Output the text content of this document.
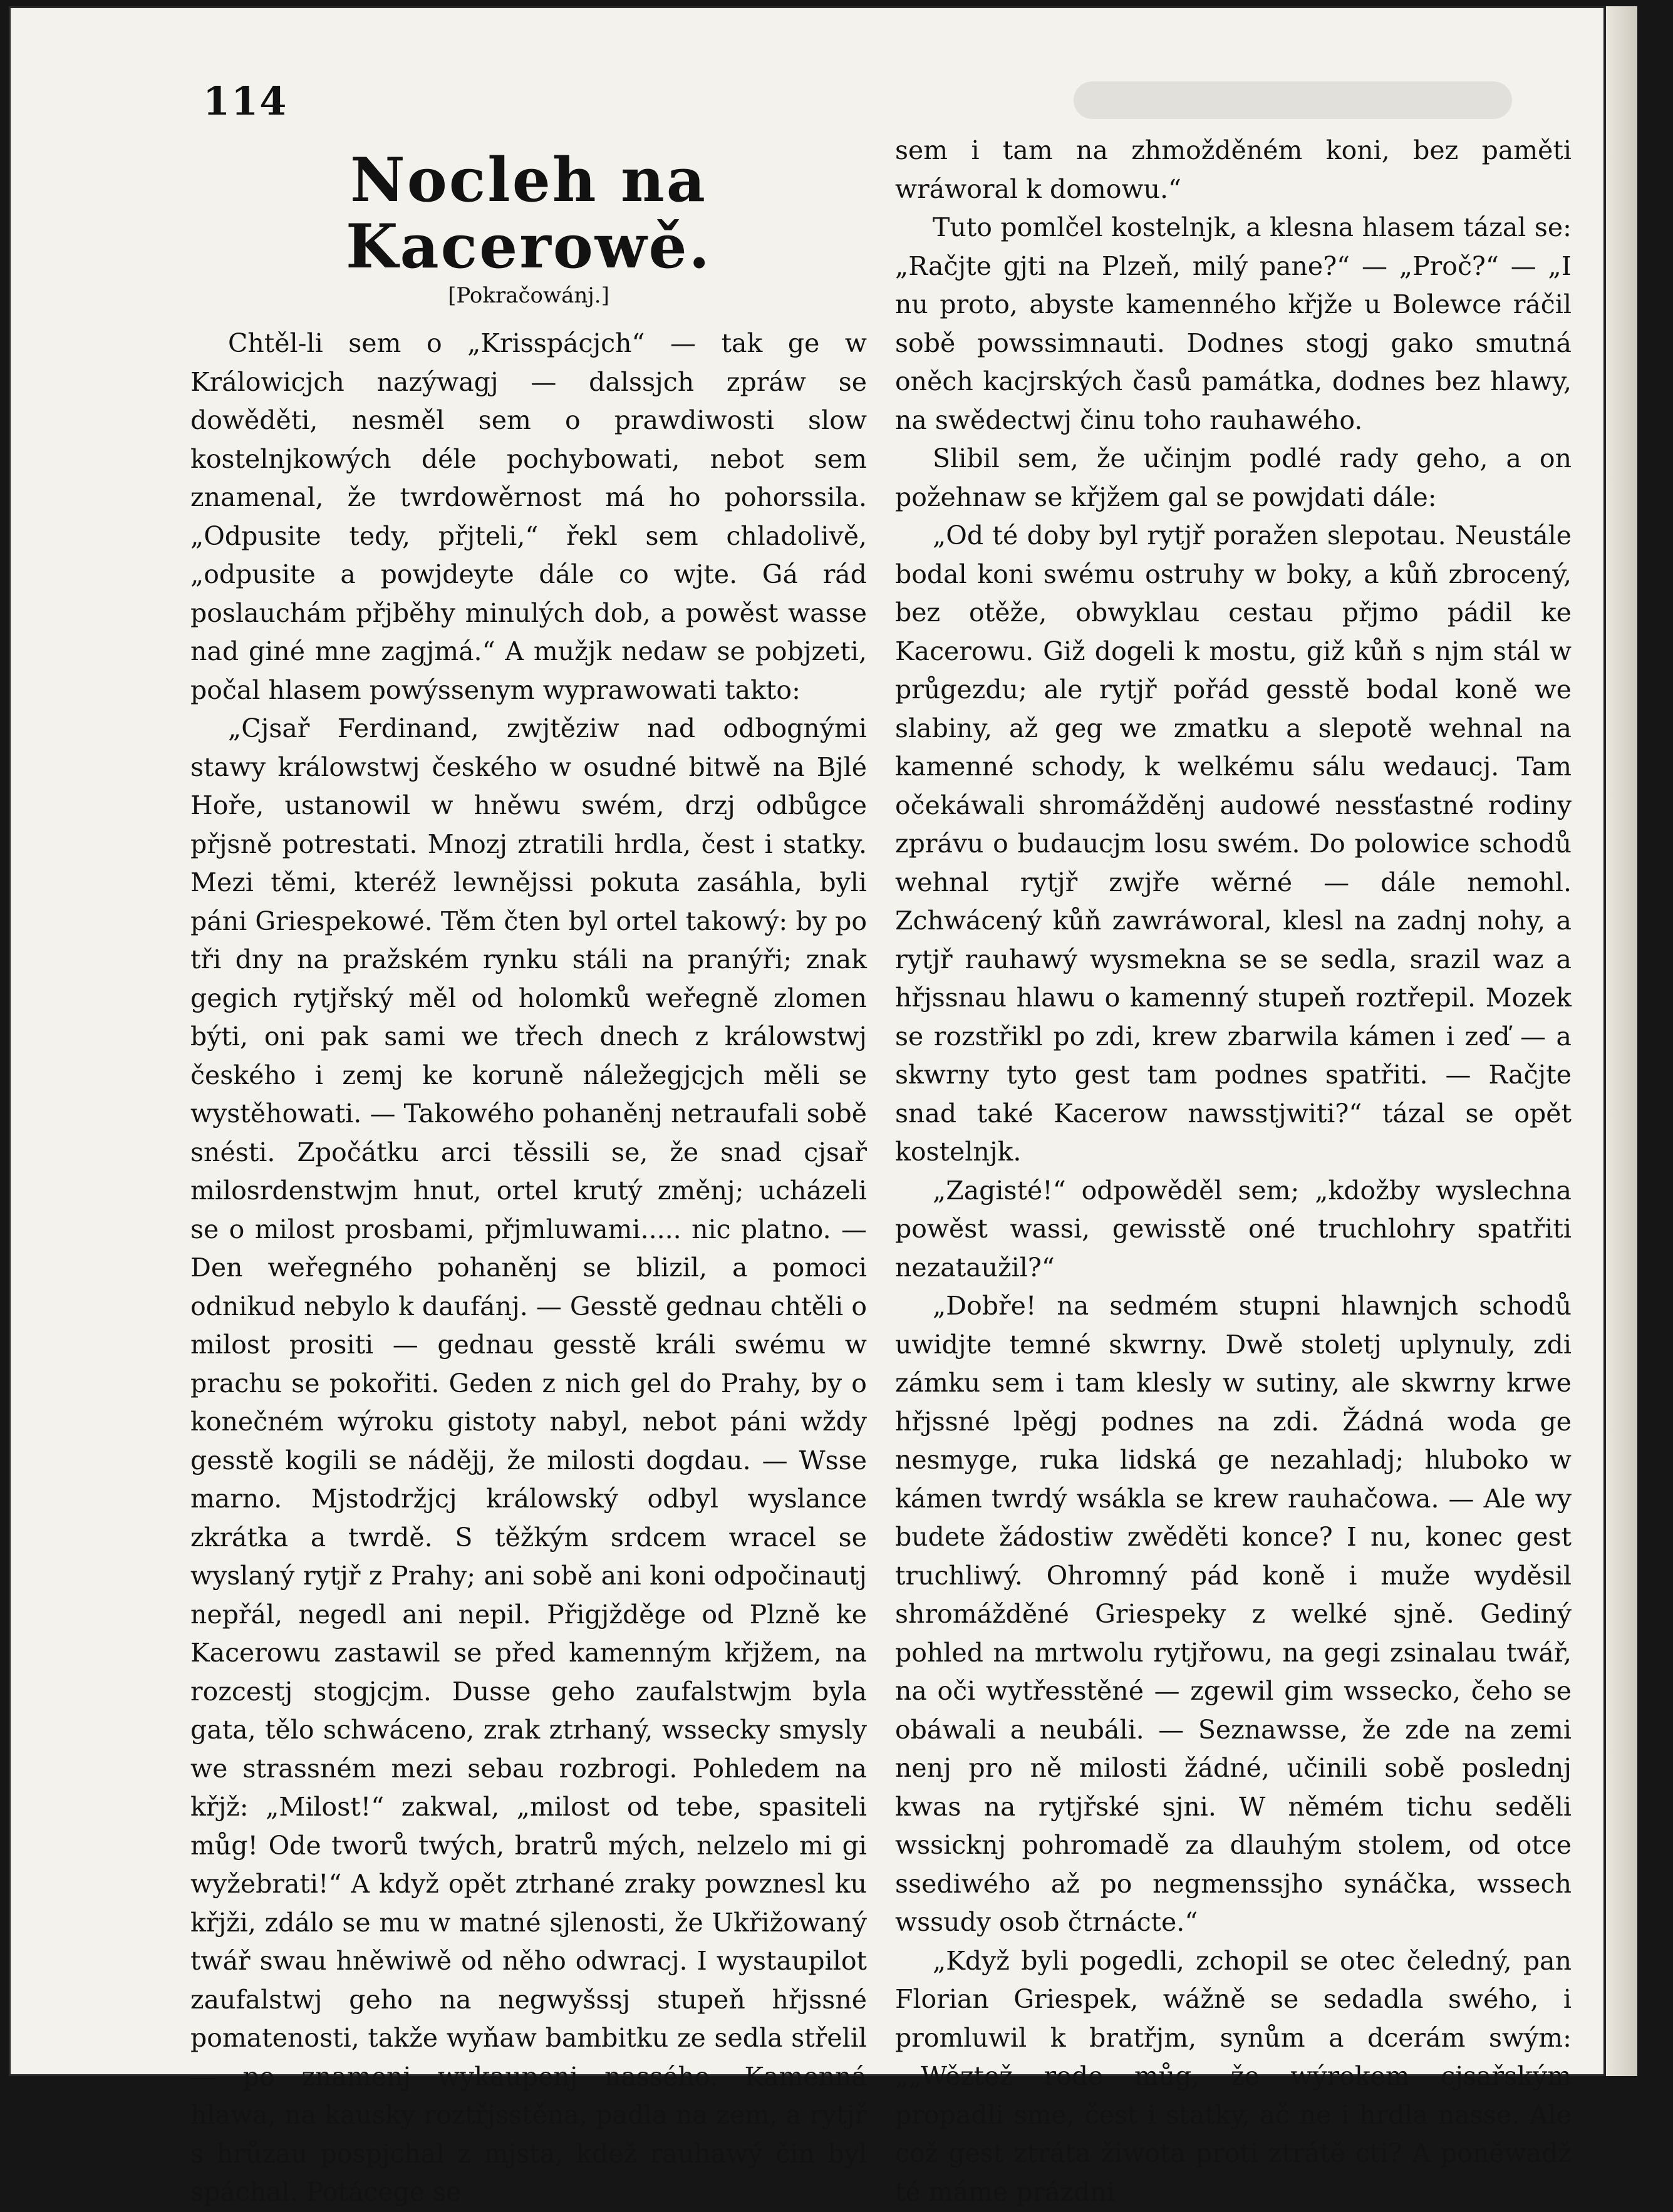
114
Nocleh na Kacerowě.
[Pokračowánj.]

Chtěl-li sem o „Krisspácjch“ — tak ge w Králowicjch nazýwagj — dalssjch zpráw se dowěděti, nesměl sem o prawdiwosti slow kostelnjkowých déle pochybowati, nebot sem znamenal, že twrdowěrnost má ho pohorssila. „Odpusite tedy, přjteli,“ řekl sem chladolivě, „odpusite a powjdeyte dále co wjte. Gá rád poslauchám přjběhy minulých dob, a powěst wasse nad giné mne zagjmá.“ A mužjk nedaw se pobjzeti, počal hlasem powýssenym wyprawowati takto:

„Cjsař Ferdinand, zwjtěziw nad odbognými stawy králowstwj českého w osudné bitwě na Bjlé Hoře, ustanowil w hněwu swém, drzj odbůgce přjsně potrestati. Mnozj ztratili hrdla, čest i statky. Mezi těmi, kteréž lewnějssi pokuta zasáhla, byli páni Griespekowé. Těm čten byl ortel takowý: by po tři dny na pražském rynku stáli na pranýři; znak gegich rytjřský měl od holomků weřegně zlomen býti, oni pak sami we třech dnech z králowstwj českého i zemj ke koruně náležegjcjch měli se wystěhowati. — Takowého pohaněnj netraufali sobě snésti. Zpočátku arci těssili se, že snad cjsař milosrdenstwjm hnut, ortel krutý změnj; ucházeli se o milost prosbami, přjmluwami..... nic platno. — Den weřegného pohaněnj se blizil, a pomoci odnikud nebylo k daufánj. — Gesstě gednau chtěli o milost prositi — gednau gesstě králi swému w prachu se pokořiti. Geden z nich gel do Prahy, by o konečném wýroku gistoty nabyl, nebot páni wždy gesstě kogili se nádějj, že milosti dogdau. — Wsse marno. Mjstodržjcj králowský odbyl wyslance zkrátka a twrdě. S těžkým srdcem wracel se wyslaný rytjř z Prahy; ani sobě ani koni odpočinautj nepřál, negedl ani nepil. Přigjžděge od Plzně ke Kacerowu zastawil se před kamenným křjžem, na rozcestj stogjcjm. Dusse geho zaufalstwjm byla gata, tělo schwáceno, zrak ztrhaný, wssecky smysly we strassném mezi sebau rozbrogi. Pohledem na křjž: „Milost!“ zakwal, „milost od tebe, spasiteli můg! Ode tworů twých, bratrů mých, nelzelo mi gi wyžebrati!“ A když opět ztrhané zraky powznesl ku křjži, zdálo se mu w matné sjlenosti, že Ukřižowaný twář swau hněwiwě od něho odwracj. I wystaupilot zaufalstwj geho na negwyšssj stupeň hřjssné pomatenosti, takže wyňaw bambitku ze sedla střelil — po znamenj wykaupenj nassého. Kamenná hlawa, na kausky roztřjsstěna, padla na zem, a rytjř s hrůzau pospjchal z mjsta, kdež rauhawý čin byl spáchal. Potácege se

sem i tam na zhmožděném koni, bez paměti wráworal k domowu.“

Tuto pomlčel kostelnjk, a klesna hlasem tázal se: „Račjte gjti na Plzeň, milý pane?“ — „Proč?“ — „I nu proto, abyste kamenného křjže u Bolewce ráčil sobě powssimnauti. Dodnes stogj gako smutná oněch kacjrských časů památka, dodnes bez hlawy, na swědectwj činu toho rauhawého.

Slibil sem, že učinjm podlé rady geho, a on požehnaw se křjžem gal se powjdati dále:

„Od té doby byl rytjř poražen slepotau. Neustále bodal koni swému ostruhy w boky, a kůň zbrocený, bez otěže, obwyklau cestau přjmo pádil ke Kacerowu. Giž dogeli k mostu, giž kůň s njm stál w průgezdu; ale rytjř pořád gesstě bodal koně we slabiny, až geg we zmatku a slepotě wehnal na kamenné schody, k welkému sálu wedaucj. Tam očekáwali shromážděnj audowé nessťastné rodiny zprávu o budaucjm losu swém. Do polowice schodů wehnal rytjř zwjře wěrné — dále nemohl. Zchwácený kůň zawráworal, klesl na zadnj nohy, a rytjř rauhawý wysmekna se se sedla, srazil waz a hřjssnau hlawu o kamenný stupeň roztřepil. Mozek se rozstřikl po zdi, krew zbarwila kámen i zeď — a skwrny tyto gest tam podnes spatřiti. — Račjte snad také Kacerow nawsstjwiti?“ tázal se opět kostelnjk.

„Zagisté!“ odpowěděl sem; „kdožby wyslechna powěst wassi, gewisstě oné truchlohry spatřiti nezataužil?“

„Dobře! na sedmém stupni hlawnjch schodů uwidjte temné skwrny. Dwě stoletj uplynuly, zdi zámku sem i tam klesly w sutiny, ale skwrny krwe hřjssné lpěgj podnes na zdi. Žádná woda ge nesmyge, ruka lidská ge nezahladj; hluboko w kámen twrdý wsákla se krew rauhačowa. — Ale wy budete žádostiw zwěděti konce? I nu, konec gest truchliwý. Ohromný pád koně i muže wyděsil shromážděné Griespeky z welké sjně. Gediný pohled na mrtwolu rytjřowu, na gegi zsinalau twář, na oči wytřesstěné — zgewil gim wssecko, čeho se obáwali a neubáli. — Seznawsse, že zde na zemi nenj pro ně milosti žádné, učinili sobě poslednj kwas na rytjřské sjni. W němém tichu seděli wssicknj pohromadě za dlauhým stolem, od otce ssediwého až po negmenssjho synáčka, wssech wssudy osob čtrnácte.“

„Když byli pogedli, zchopil se otec čeledný, pan Florian Griespek, wážně se sedadla swého, i promluwil k bratřjm, synům a dcerám swým: „„Wěztež rode můg, že wýrokem cjsařským propadli sme, čest i statky, ač ne i hrdla nasse. Ale což gest ztráta žiwota proti ztrátě cti? A poněwadž té máme prázdni
